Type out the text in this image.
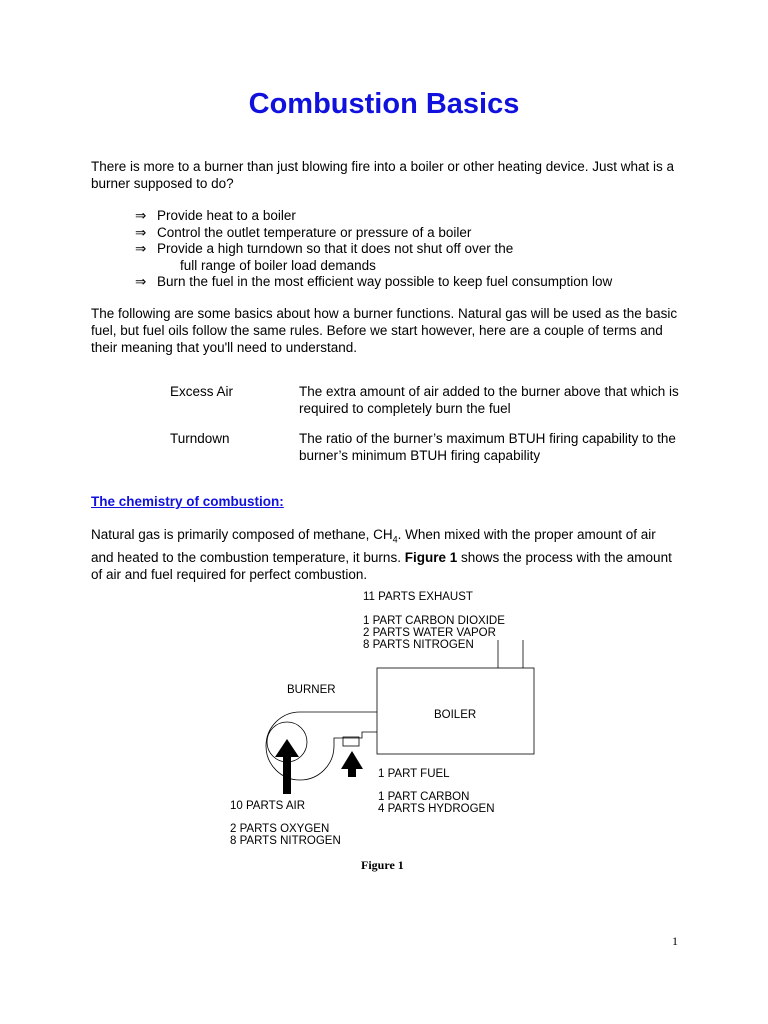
Combustion Basics
There is more to a burner than just blowing fire into a boiler or other heating device. Just what is a burner supposed to do?
⇒ Provide heat to a boiler
⇒ Control the outlet temperature or pressure of a boiler
⇒ Provide a high turndown so that it does not shut off over the
full range of boiler load demands
⇒ Burn the fuel in the most efficient way possible to keep fuel consumption low
The following are some basics about how a burner functions. Natural gas will be used as the basic fuel, but fuel oils follow the same rules. Before we start however, here are a couple of terms and their meaning that you'll need to understand.
Excess Air	The extra amount of air added to the burner above that which is required to completely burn the fuel
Turndown	The ratio of the burner’s maximum BTUH firing capability to the burner’s minimum BTUH firing capability
The chemistry of combustion:
Natural gas is primarily composed of methane, $CH_4$. When mixed with the proper amount of air and heated to the combustion temperature, it burns. Figure 1 shows the process with the amount of air and fuel required for perfect combustion.
11 PARTS EXHAUST
1 PART CARBON DIOXIDE
2 PARTS WATER VAPOR
8 PARTS NITROGEN
BURNER
BOILER
1 PART FUEL
1 PART CARBON
4 PARTS HYDROGEN
10 PARTS AIR
2 PARTS OXYGEN
8 PARTS NITROGEN
Figure 1
1
